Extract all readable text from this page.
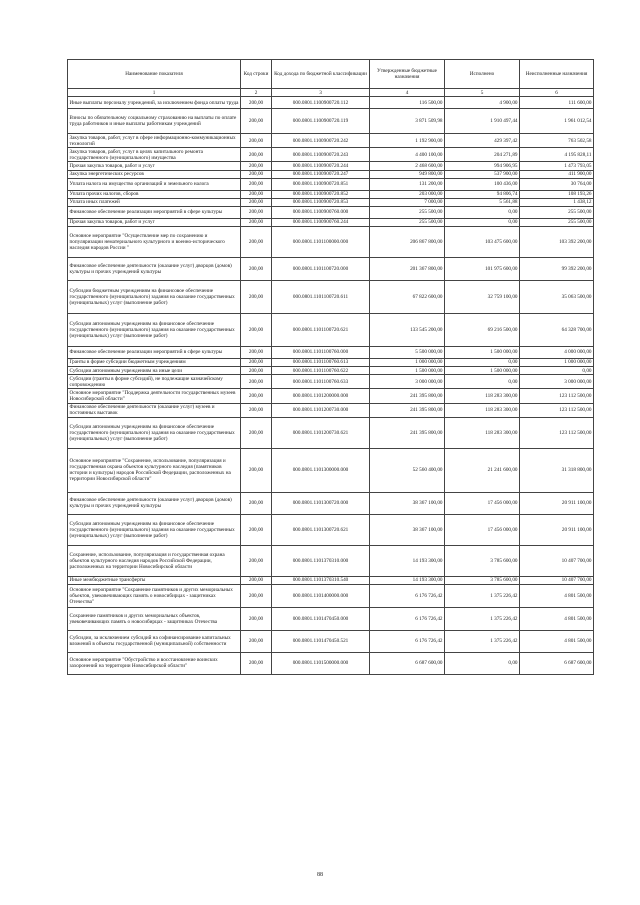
Наименование показателя	Код строки	Код дохода по бюджетной классификации	Утвержденные бюджетные назначения	Исполнено	Неисполненные назначения
1	2	3	4	5	6
Иные выплаты персоналу учреждений, за исключением фонда оплаты труда	200,00	000.0801.1100900720.112	116 500,00	4 900,00	111 600,00
Взносы по обязательному социальному страхованию на выплаты по оплате труда работников и иные выплаты работникам учреждений	200,00	000.0801.1100900720.119	3 871 509,98	1 910 497,44	1 961 012,54
Закупка товаров, работ, услуг в сфере информационно-коммуникационных технологий	200,00	000.0801.1100900720.242	1 192 900,00	429 397,42	763 502,58
Закупка товаров, работ, услуг в целях капитального ремонта государственного (муниципального) имущества	200,00	000.0801.1100900720.243	4 400 100,00	204 271,89	4 195 828,11
Прочая закупка товаров, работ и услуг	200,00	000.0801.1100900720.244	2 468 600,00	994 906,95	1 473 793,05
Закупка энергетических ресурсов	200,00	000.0801.1100900720.247	949 800,00	537 900,00	411 900,00
Уплата налога на имущество организаций и земельного налога	200,00	000.0801.1100900720.851	131 200,00	100 436,00	30 764,00
Уплата прочих налогов, сборов	200,00	000.0801.1100900720.852	203 000,00	94 806,74	108 193,26
Уплата иных платежей	200,00	000.0801.1100900720.853	7 000,00	5 561,88	1 438,12
Финансовое обеспечение реализации мероприятий в сфере культуры	200,00	000.0801.1100900760.000	255 500,00	0,00	255 500,00
Прочая закупка товаров, работ и услуг	200,00	000.0801.1100900760.244	255 500,00	0,00	255 500,00
Основное мероприятие "Осуществление мер по сохранению и популяризации нематериального культурного и военно-исторического наследия народов России "	200,00	000.0801.1101100000.000	206 867 800,00	103 475 600,00	103 392 200,00
Финансовое обеспечение деятельности (оказание услуг) дворцов (домов) культуры и прочих учреждений культуры	200,00	000.0801.1101100720.000	201 367 800,00	101 975 600,00	99 392 200,00
Субсидии бюджетным учреждениям на финансовое обеспечение государственного (муниципального) задания на оказание государственных (муниципальных) услуг (выполнение работ)	200,00	000.0801.1101100720.611	67 822 600,00	32 759 100,00	35 063 500,00
Субсидии автономным учреждениям на финансовое обеспечение государственного (муниципального) задания на оказание государственных (муниципальных) услуг (выполнение работ)	200,00	000.0801.1101100720.621	133 545 200,00	69 216 500,00	64 328 700,00
Финансовое обеспечение реализации мероприятий в сфере культуры	200,00	000.0801.1101100760.000	5 500 000,00	1 500 000,00	4 000 000,00
Гранты в форме субсидии бюджетным учреждениям	200,00	000.0801.1101100760.613	1 000 000,00	0,00	1 000 000,00
Субсидии автономным учреждениям на иные цели	200,00	000.0801.1101100760.622	1 500 000,00	1 500 000,00	0,00
Субсидии (гранты в форме субсидий), не подлежащие казначейскому сопровождению	200,00	000.0801.1101100760.633	3 000 000,00	0,00	3 000 000,00
Основное мероприятие "Поддержка деятельности государственных музеев Новосибирской области"	200,00	000.0801.1101200000.000	241 395 800,00	118 283 300,00	123 112 500,00
Финансовое обеспечение деятельности (оказание услуг) музеев и постоянных выставок	200,00	000.0801.1101200730.000	241 395 800,00	118 283 300,00	123 112 500,00
Субсидии автономным учреждениям на финансовое обеспечение государственного (муниципального) задания на оказание государственных (муниципальных) услуг (выполнение работ)	200,00	000.0801.1101200730.621	241 395 800,00	118 283 300,00	123 112 500,00
Основное мероприятие "Сохранение, использование, популяризация и государственная охрана объектов культурного наследия (памятников истории и культуры) народов Российской Федерации, расположенных на территории Новосибирской области"	200,00	000.0801.1101300000.000	52 560 400,00	21 241 600,00	31 318 800,00
Финансовое обеспечение деятельности (оказание услуг) дворцов (домов) культуры и прочих учреждений культуры	200,00	000.0801.1101300720.000	38 367 100,00	17 456 000,00	20 911 100,00
Субсидии автономным учреждениям на финансовое обеспечение государственного (муниципального) задания на оказание государственных (муниципальных) услуг (выполнение работ)	200,00	000.0801.1101300720.621	38 367 100,00	17 456 000,00	20 911 100,00
Сохранение, использование, популяризация и государственная охрана объектов культурного наследия народов Российской Федерации, расположенных на территории Новосибирской области	200,00	000.0801.1101370310.000	14 193 300,00	3 785 600,00	10 407 700,00
Иные межбюджетные трансферты	200,00	000.0801.1101370310.540	14 193 300,00	3 785 600,00	10 407 700,00
Основное мероприятие "Сохранение памятников и других мемориальных объектов, увековечивающих память о новосибирцах - защитниках Отечества"	200,00	000.0801.1101400000.000	6 176 726,42	1 375 226,42	4 801 500,00
Сохранение памятников и других мемориальных объектов, увековечивающих память о новосибирцах - защитниках Отечества	200,00	000.0801.1101470450.000	6 176 726,42	1 375 226,42	4 801 500,00
Субсидии, за исключением субсидий на софинансирование капитальных вложений в объекты государственной (муниципальной) собственности	200,00	000.0801.1101470450.521	6 176 726,42	1 375 226,42	4 801 500,00
Основное мероприятие "Обустройство и восстановление воинских захоронений на территории Новосибирской области"	200,00	000.0801.1101500000.000	6 687 600,00	0,00	6 687 600,00
88
